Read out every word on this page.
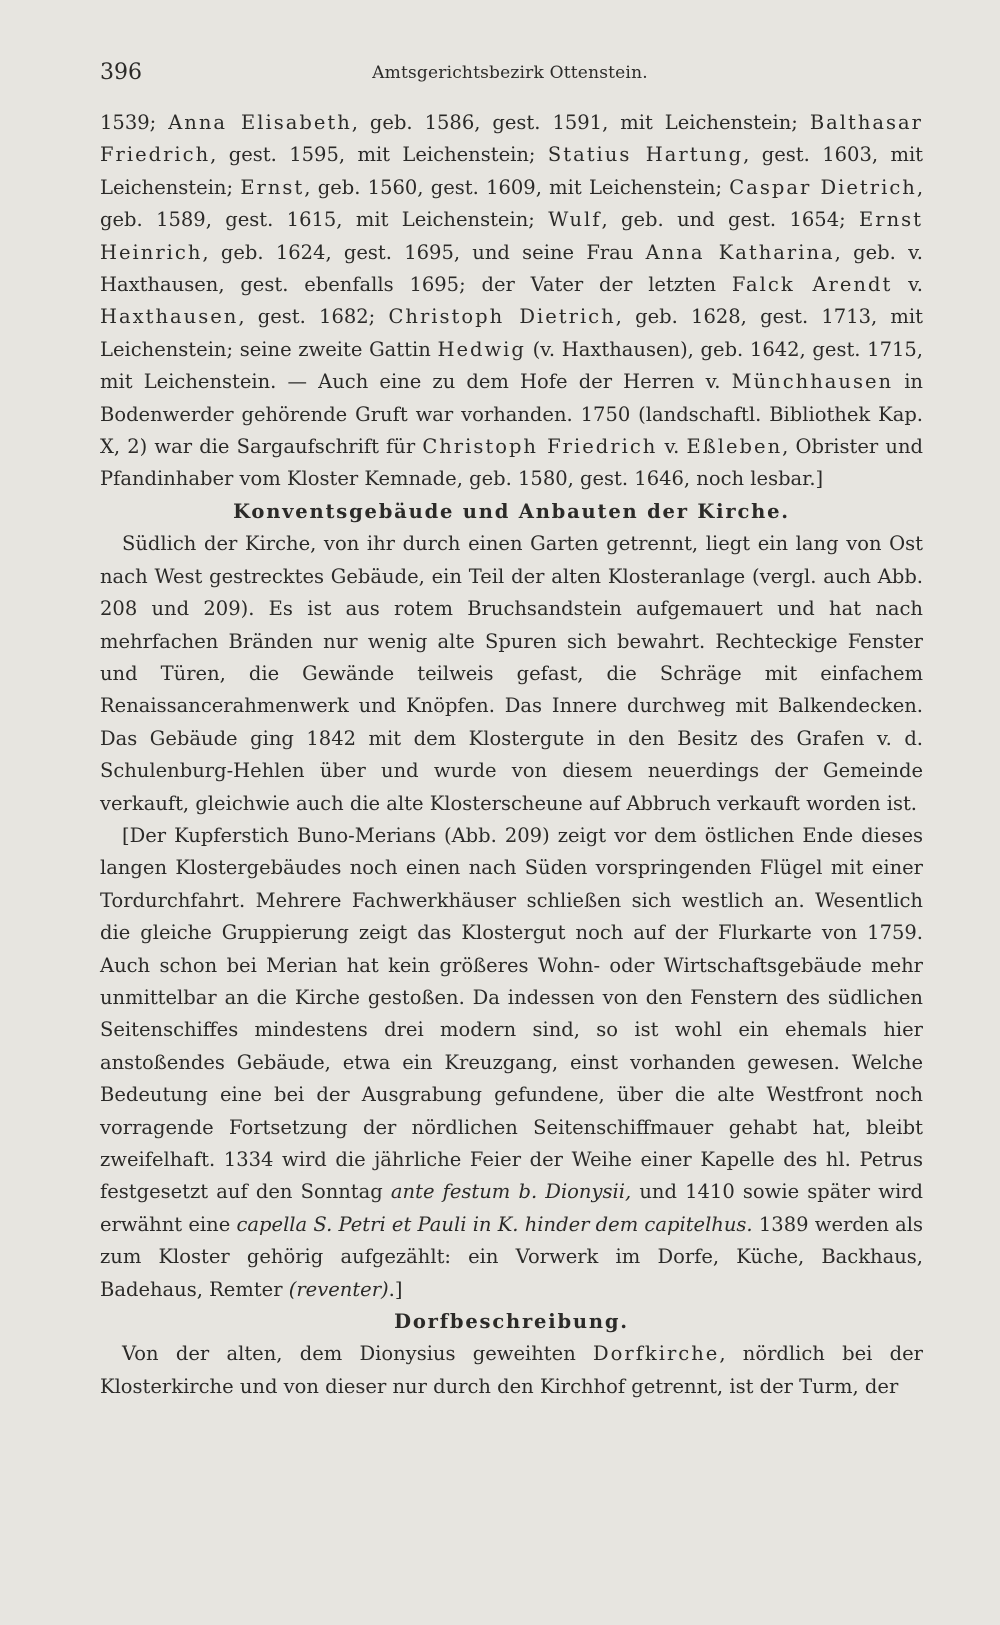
396	Amtsgerichtsbezirk Ottenstein.

1539; Anna Elisabeth, geb. 1586, gest. 1591, mit Leichenstein; Balthasar Friedrich, gest. 1595, mit Leichenstein; Statius Hartung, gest. 1603, mit Leichenstein; Ernst, geb. 1560, gest. 1609, mit Leichenstein; Caspar Dietrich, geb. 1589, gest. 1615, mit Leichenstein; Wulf, geb. und gest. 1654; Ernst Heinrich, geb. 1624, gest. 1695, und seine Frau Anna Katharina, geb. v. Haxthausen, gest. ebenfalls 1695; der Vater der letzten Falck Arendt v. Haxthausen, gest. 1682; Christoph Dietrich, geb. 1628, gest. 1713, mit Leichenstein; seine zweite Gattin Hedwig (v. Haxthausen), geb. 1642, gest. 1715, mit Leichenstein. — Auch eine zu dem Hofe der Herren v. Münchhausen in Bodenwerder gehörende Gruft war vorhanden. 1750 (landschaftl. Bibliothek Kap. X, 2) war die Sargaufschrift für Christoph Friedrich v. Eßleben, Obrister und Pfandinhaber vom Kloster Kemnade, geb. 1580, gest. 1646, noch lesbar.]

Konventsgebäude und Anbauten der Kirche.

Südlich der Kirche, von ihr durch einen Garten getrennt, liegt ein lang von Ost nach West gestrecktes Gebäude, ein Teil der alten Klosteranlage (vergl. auch Abb. 208 und 209). Es ist aus rotem Bruchsandstein aufgemauert und hat nach mehrfachen Bränden nur wenig alte Spuren sich bewahrt. Rechteckige Fenster und Türen, die Gewände teilweis gefast, die Schräge mit einfachem Renaissancerahmenwerk und Knöpfen. Das Innere durchweg mit Balkendecken. Das Gebäude ging 1842 mit dem Klostergute in den Besitz des Grafen v. d. Schulenburg-Hehlen über und wurde von diesem neuerdings der Gemeinde verkauft, gleichwie auch die alte Klosterscheune auf Abbruch verkauft worden ist.

[Der Kupferstich Buno-Merians (Abb. 209) zeigt vor dem östlichen Ende dieses langen Klostergebäudes noch einen nach Süden vorspringenden Flügel mit einer Tordurchfahrt. Mehrere Fachwerkhäuser schließen sich westlich an. Wesentlich die gleiche Gruppierung zeigt das Klostergut noch auf der Flurkarte von 1759. Auch schon bei Merian hat kein größeres Wohn- oder Wirtschaftsgebäude mehr unmittelbar an die Kirche gestoßen. Da indessen von den Fenstern des südlichen Seitenschiffes mindestens drei modern sind, so ist wohl ein ehemals hier anstoßendes Gebäude, etwa ein Kreuzgang, einst vorhanden gewesen. Welche Bedeutung eine bei der Ausgrabung gefundene, über die alte Westfront noch vorragende Fortsetzung der nördlichen Seitenschiffmauer gehabt hat, bleibt zweifelhaft. 1334 wird die jährliche Feier der Weihe einer Kapelle des hl. Petrus festgesetzt auf den Sonntag ante festum b. Dionysii, und 1410 sowie später wird erwähnt eine capella S. Petri et Pauli in K. hinder dem capitelhus. 1389 werden als zum Kloster gehörig aufgezählt: ein Vorwerk im Dorfe, Küche, Backhaus, Badehaus, Remter (reventer).]

Dorfbeschreibung.

Von der alten, dem Dionysius geweihten Dorfkirche, nördlich bei der Klosterkirche und von dieser nur durch den Kirchhof getrennt, ist der Turm, der
